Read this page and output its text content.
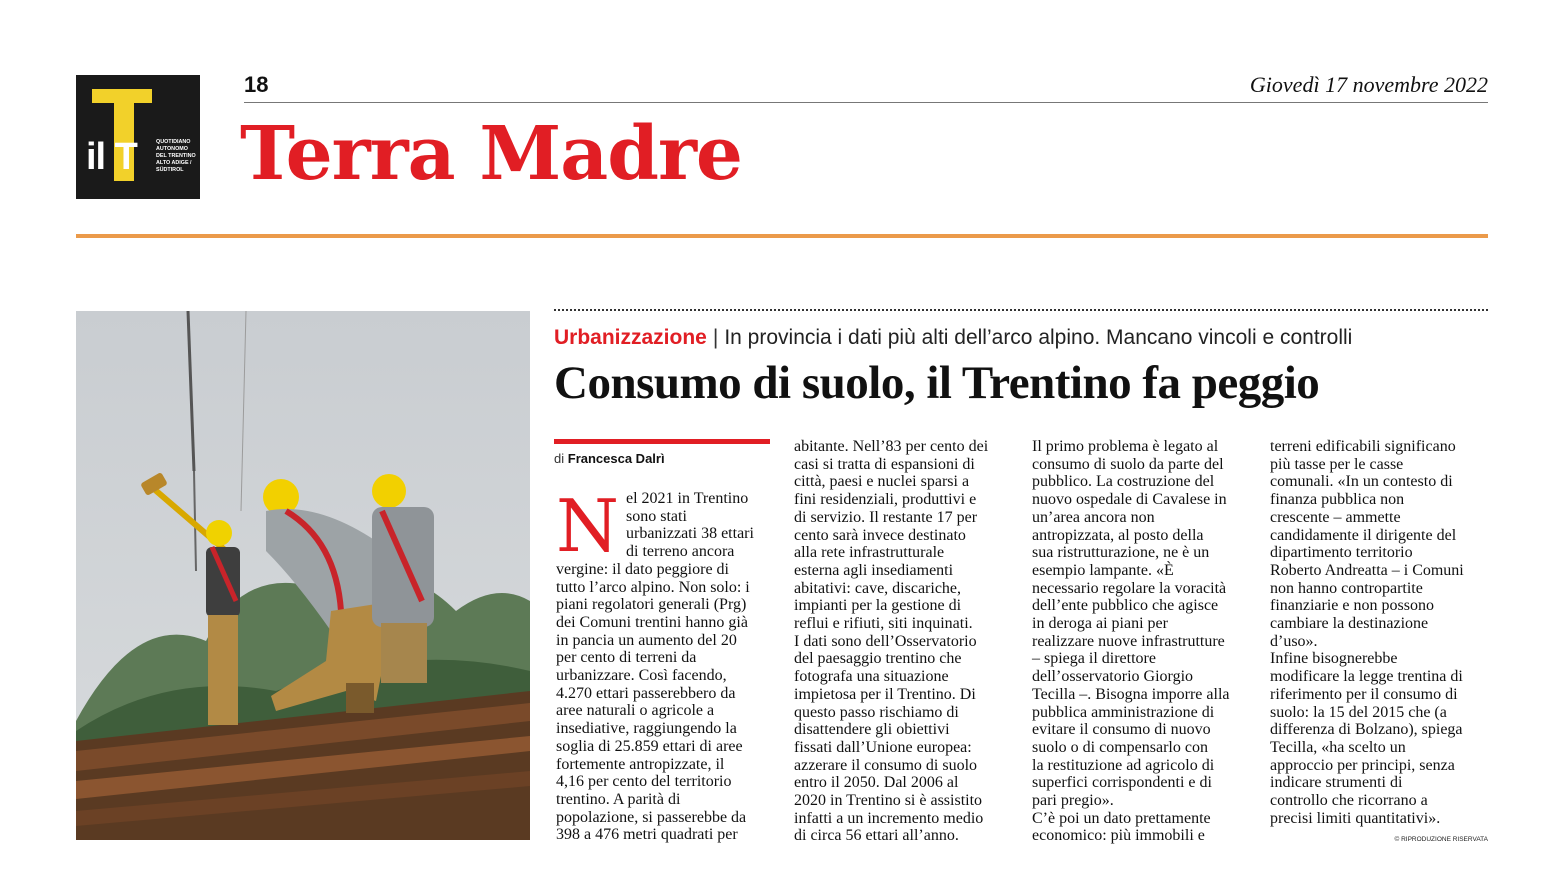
il T	QUOTIDIANO
AUTONOMO
DEL TRENTINO
ALTO ADIGE /
SÜDTIROL
18	Giovedì 17 novembre 2022
Terra Madre
Urbanizzazione | In provincia i dati più alti dell’arco alpino. Mancano vincoli e controlli
Consumo di suolo, il Trentino fa peggio
di Francesca Dalrì
N el 2021 in Trentino
sono stati
urbanizzati 38 ettari
di terreno ancora
vergine: il dato peggiore di
tutto l’arco alpino. Non solo: i
piani regolatori generali (Prg)
dei Comuni trentini hanno già
in pancia un aumento del 20
per cento di terreni da
urbanizzare. Così facendo,
4.270 ettari passerebbero da
aree naturali o agricole a
insediative, raggiungendo la
soglia di 25.859 ettari di aree
fortemente antropizzate, il
4,16 per cento del territorio
trentino. A parità di
popolazione, si passerebbe da
398 a 476 metri quadrati per
abitante. Nell’83 per cento dei
casi si tratta di espansioni di
città, paesi e nuclei sparsi a
fini residenziali, produttivi e
di servizio. Il restante 17 per
cento sarà invece destinato
alla rete infrastrutturale
esterna agli insediamenti
abitativi: cave, discariche,
impianti per la gestione di
reflui e rifiuti, siti inquinati.
I dati sono dell’Osservatorio
del paesaggio trentino che
fotografa una situazione
impietosa per il Trentino. Di
questo passo rischiamo di
disattendere gli obiettivi
fissati dall’Unione europea:
azzerare il consumo di suolo
entro il 2050. Dal 2006 al
2020 in Trentino si è assistito
infatti a un incremento medio
di circa 56 ettari all’anno.
Il primo problema è legato al
consumo di suolo da parte del
pubblico. La costruzione del
nuovo ospedale di Cavalese in
un’area ancora non
antropizzata, al posto della
sua ristrutturazione, ne è un
esempio lampante. «È
necessario regolare la voracità
dell’ente pubblico che agisce
in deroga ai piani per
realizzare nuove infrastrutture
– spiega il direttore
dell’osservatorio Giorgio
Tecilla –. Bisogna imporre alla
pubblica amministrazione di
evitare il consumo di nuovo
suolo o di compensarlo con
la restituzione ad agricolo di
superfici corrispondenti e di
pari pregio».
C’è poi un dato prettamente
economico: più immobili e
terreni edificabili significano
più tasse per le casse
comunali. «In un contesto di
finanza pubblica non
crescente – ammette
candidamente il dirigente del
dipartimento territorio
Roberto Andreatta – i Comuni
non hanno contropartite
finanziarie e non possono
cambiare la destinazione
d’uso».
Infine bisognerebbe
modificare la legge trentina di
riferimento per il consumo di
suolo: la 15 del 2015 che (a
differenza di Bolzano), spiega
Tecilla, «ha scelto un
approccio per principi, senza
indicare strumenti di
controllo che ricorrano a
precisi limiti quantitativi».
© RIPRODUZIONE RISERVATA
